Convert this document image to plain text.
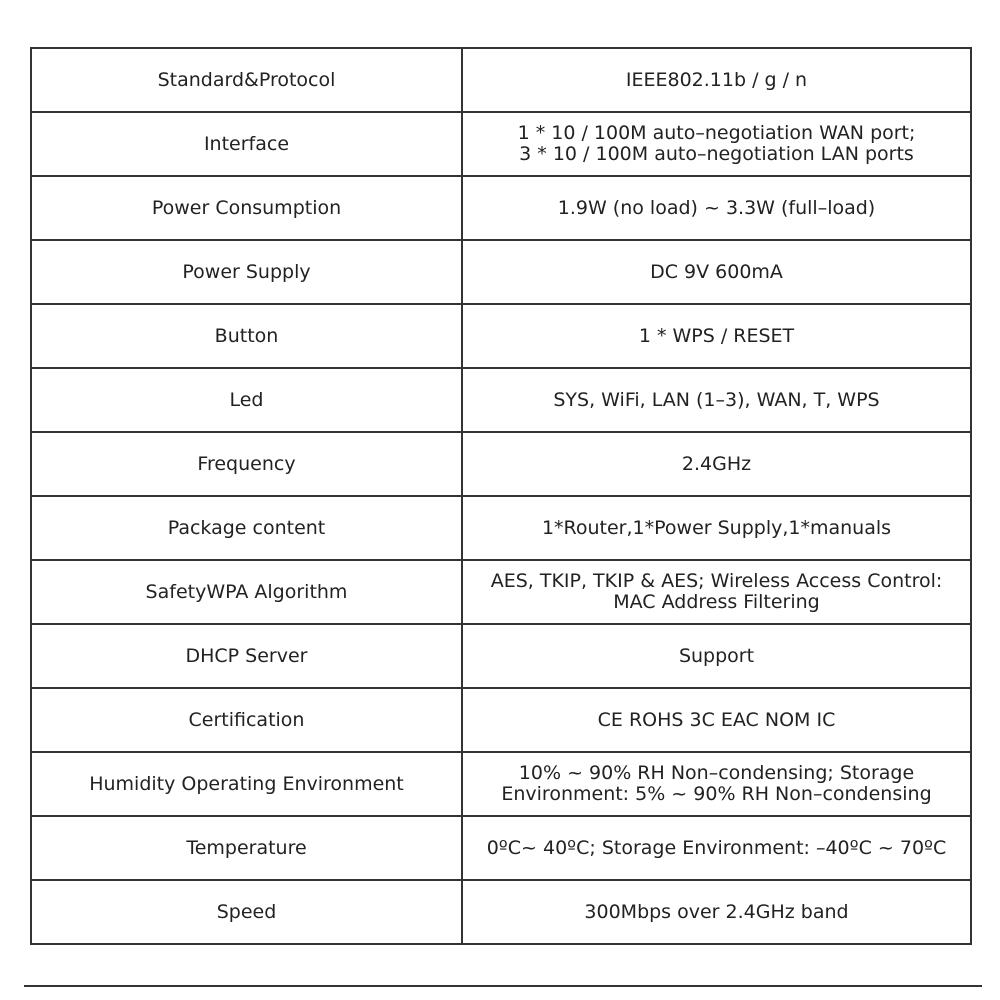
Standard&Protocol	IEEE802.11b / g / n
Interface	1 * 10 / 100M auto–negotiation WAN port;
3 * 10 / 100M auto–negotiation LAN ports
Power Consumption	1.9W (no load) ~ 3.3W (full–load)
Power Supply	DC 9V 600mA
Button	1 * WPS / RESET
Led	SYS, WiFi, LAN (1–3), WAN, T, WPS
Frequency	2.4GHz
Package content	1*Router,1*Power Supply,1*manuals
SafetyWPA Algorithm	AES, TKIP, TKIP & AES; Wireless Access Control:
MAC Address Filtering
DHCP Server	Support
Certification	CE ROHS 3C EAC NOM IC
Humidity Operating Environment	10% ~ 90% RH Non–condensing; Storage
Environment: 5% ~ 90% RH Non–condensing
Temperature	0ºC~ 40ºC; Storage Environment: –40ºC ~ 70ºC
Speed	300Mbps over 2.4GHz band
